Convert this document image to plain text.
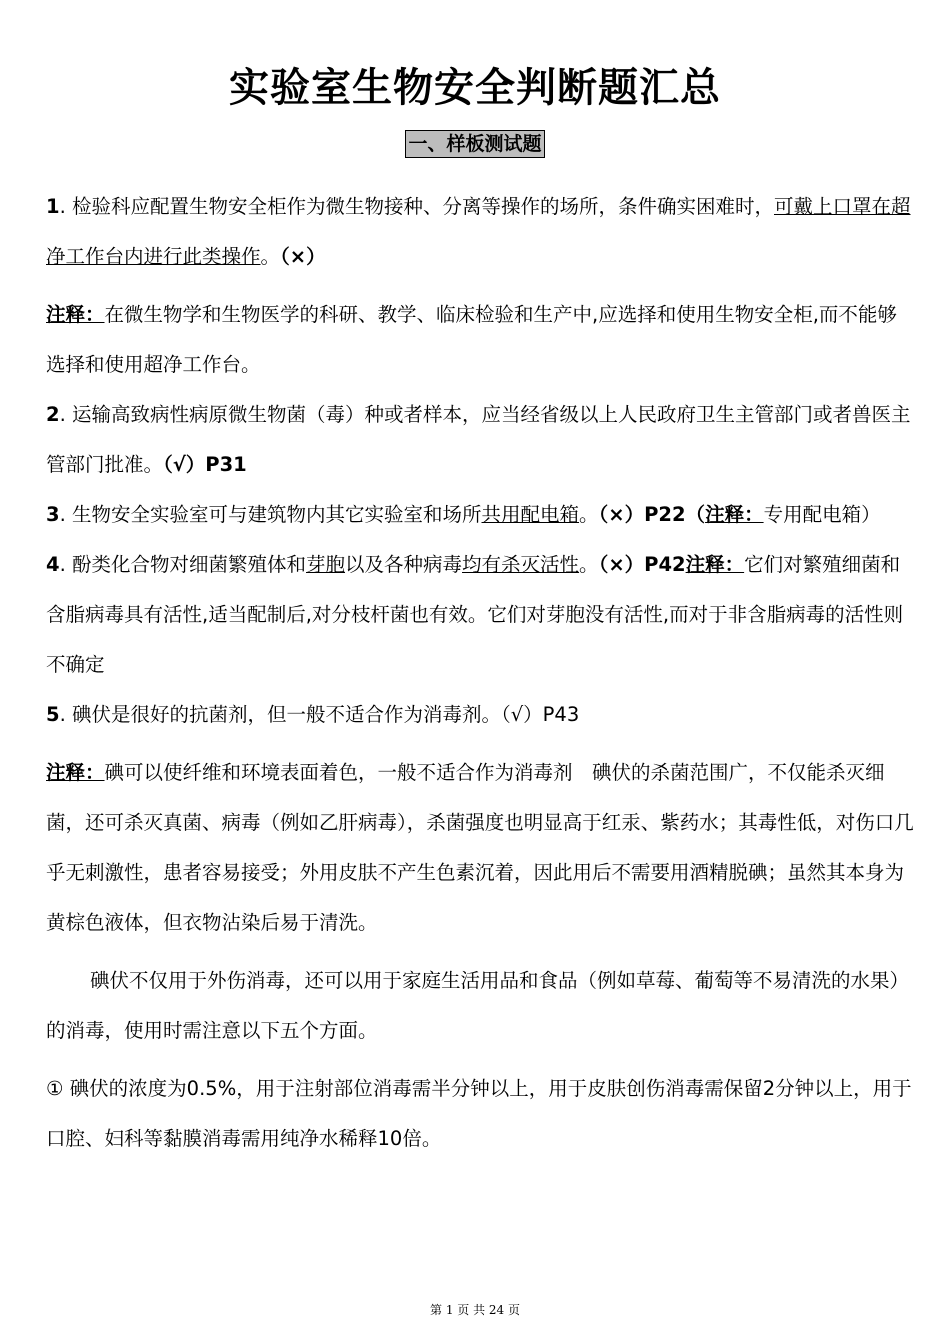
实验室生物安全判断题汇总
一、样板测试题

1. 检验科应配置生物安全柜作为微生物接种、分离等操作的场所，条件确实困难时，可戴上口罩在超净工作台内进行此类操作。（×）

注释：在微生物学和生物医学的科研、教学、临床检验和生产中,应选择和使用生物安全柜,而不能够选择和使用超净工作台。

2. 运输高致病性病原微生物菌（毒）种或者样本，应当经省级以上人民政府卫生主管部门或者兽医主管部门批准。（√）P31

3. 生物安全实验室可与建筑物内其它实验室和场所共用配电箱。（×）P22（注释：专用配电箱）

4. 酚类化合物对细菌繁殖体和芽胞以及各种病毒均有杀灭活性。（×）P42注释：它们对繁殖细菌和含脂病毒具有活性,适当配制后,对分枝杆菌也有效。它们对芽胞没有活性,而对于非含脂病毒的活性则不确定

5. 碘伏是很好的抗菌剂，但一般不适合作为消毒剂。（√）P43

注释：碘可以使纤维和环境表面着色，一般不适合作为消毒剂　碘伏的杀菌范围广，不仅能杀灭细菌，还可杀灭真菌、病毒（例如乙肝病毒），杀菌强度也明显高于红汞、紫药水；其毒性低，对伤口几乎无刺激性，患者容易接受；外用皮肤不产生色素沉着，因此用后不需要用酒精脱碘；虽然其本身为黄棕色液体，但衣物沾染后易于清洗。

碘伏不仅用于外伤消毒，还可以用于家庭生活用品和食品（例如草莓、葡萄等不易清洗的水果）的消毒，使用时需注意以下五个方面。

① 碘伏的浓度为0.5%，用于注射部位消毒需半分钟以上，用于皮肤创伤消毒需保留2分钟以上，用于口腔、妇科等黏膜消毒需用纯净水稀释10倍。

第 1 页 共 24 页
